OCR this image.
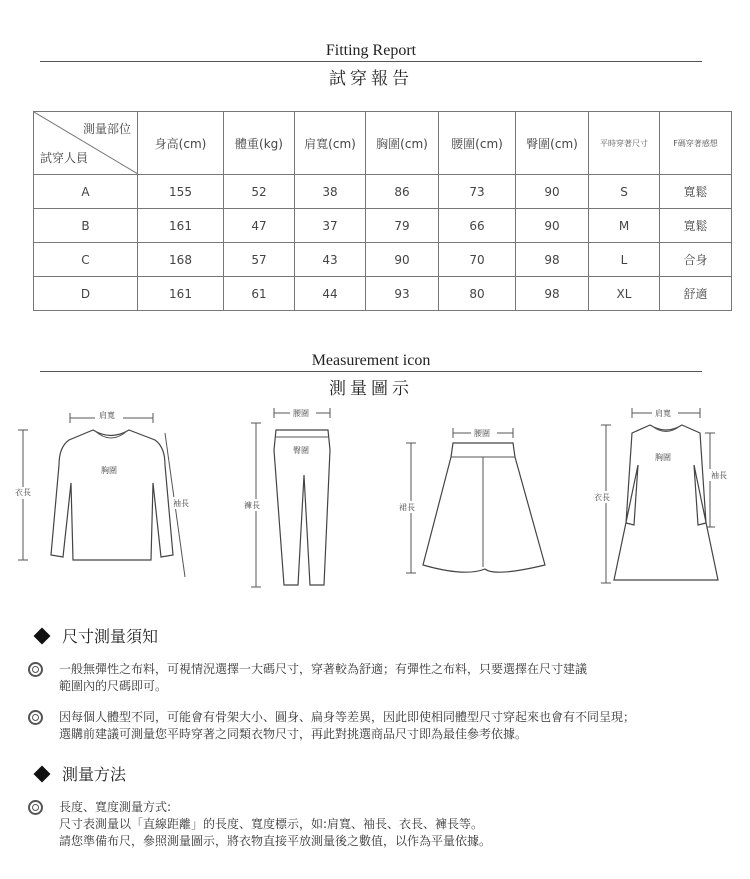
Fitting Report
試穿報告
測量部位
試穿人員	身高(cm)	體重(kg)	肩寬(cm)	胸圍(cm)	腰圍(cm)	臀圍(cm)	平時穿著尺寸	F碼穿著感想
A	155	52	38	86	73	90	S	寬鬆
B	161	47	37	79	66	90	M	寬鬆
C	168	57	43	90	70	98	L	合身
D	161	61	44	93	80	98	XL	舒適
Measurement icon
測量圖示
肩寬
衣長
胸圍
袖長
腰圍
臀圍
褲長
腰圍
裙長
肩寬
胸圍
衣長
袖長
尺寸測量須知
一般無彈性之布料，可視情況選擇一大碼尺寸，穿著較為舒適；有彈性之布料，只要選擇在尺寸建議
範圍內的尺碼即可。
因每個人體型不同，可能會有骨架大小、圓身、扁身等差異，因此即使相同體型尺寸穿起來也會有不同呈現；
選購前建議可測量您平時穿著之同類衣物尺寸，再此對挑選商品尺寸即為最佳參考依據。
測量方法
長度、寬度測量方式:
尺寸表測量以「直線距離」的長度、寬度標示，如:肩寬、袖長、衣長、褲長等。
請您準備布尺，參照測量圖示，將衣物直接平放測量後之數值，以作為平量依據。
